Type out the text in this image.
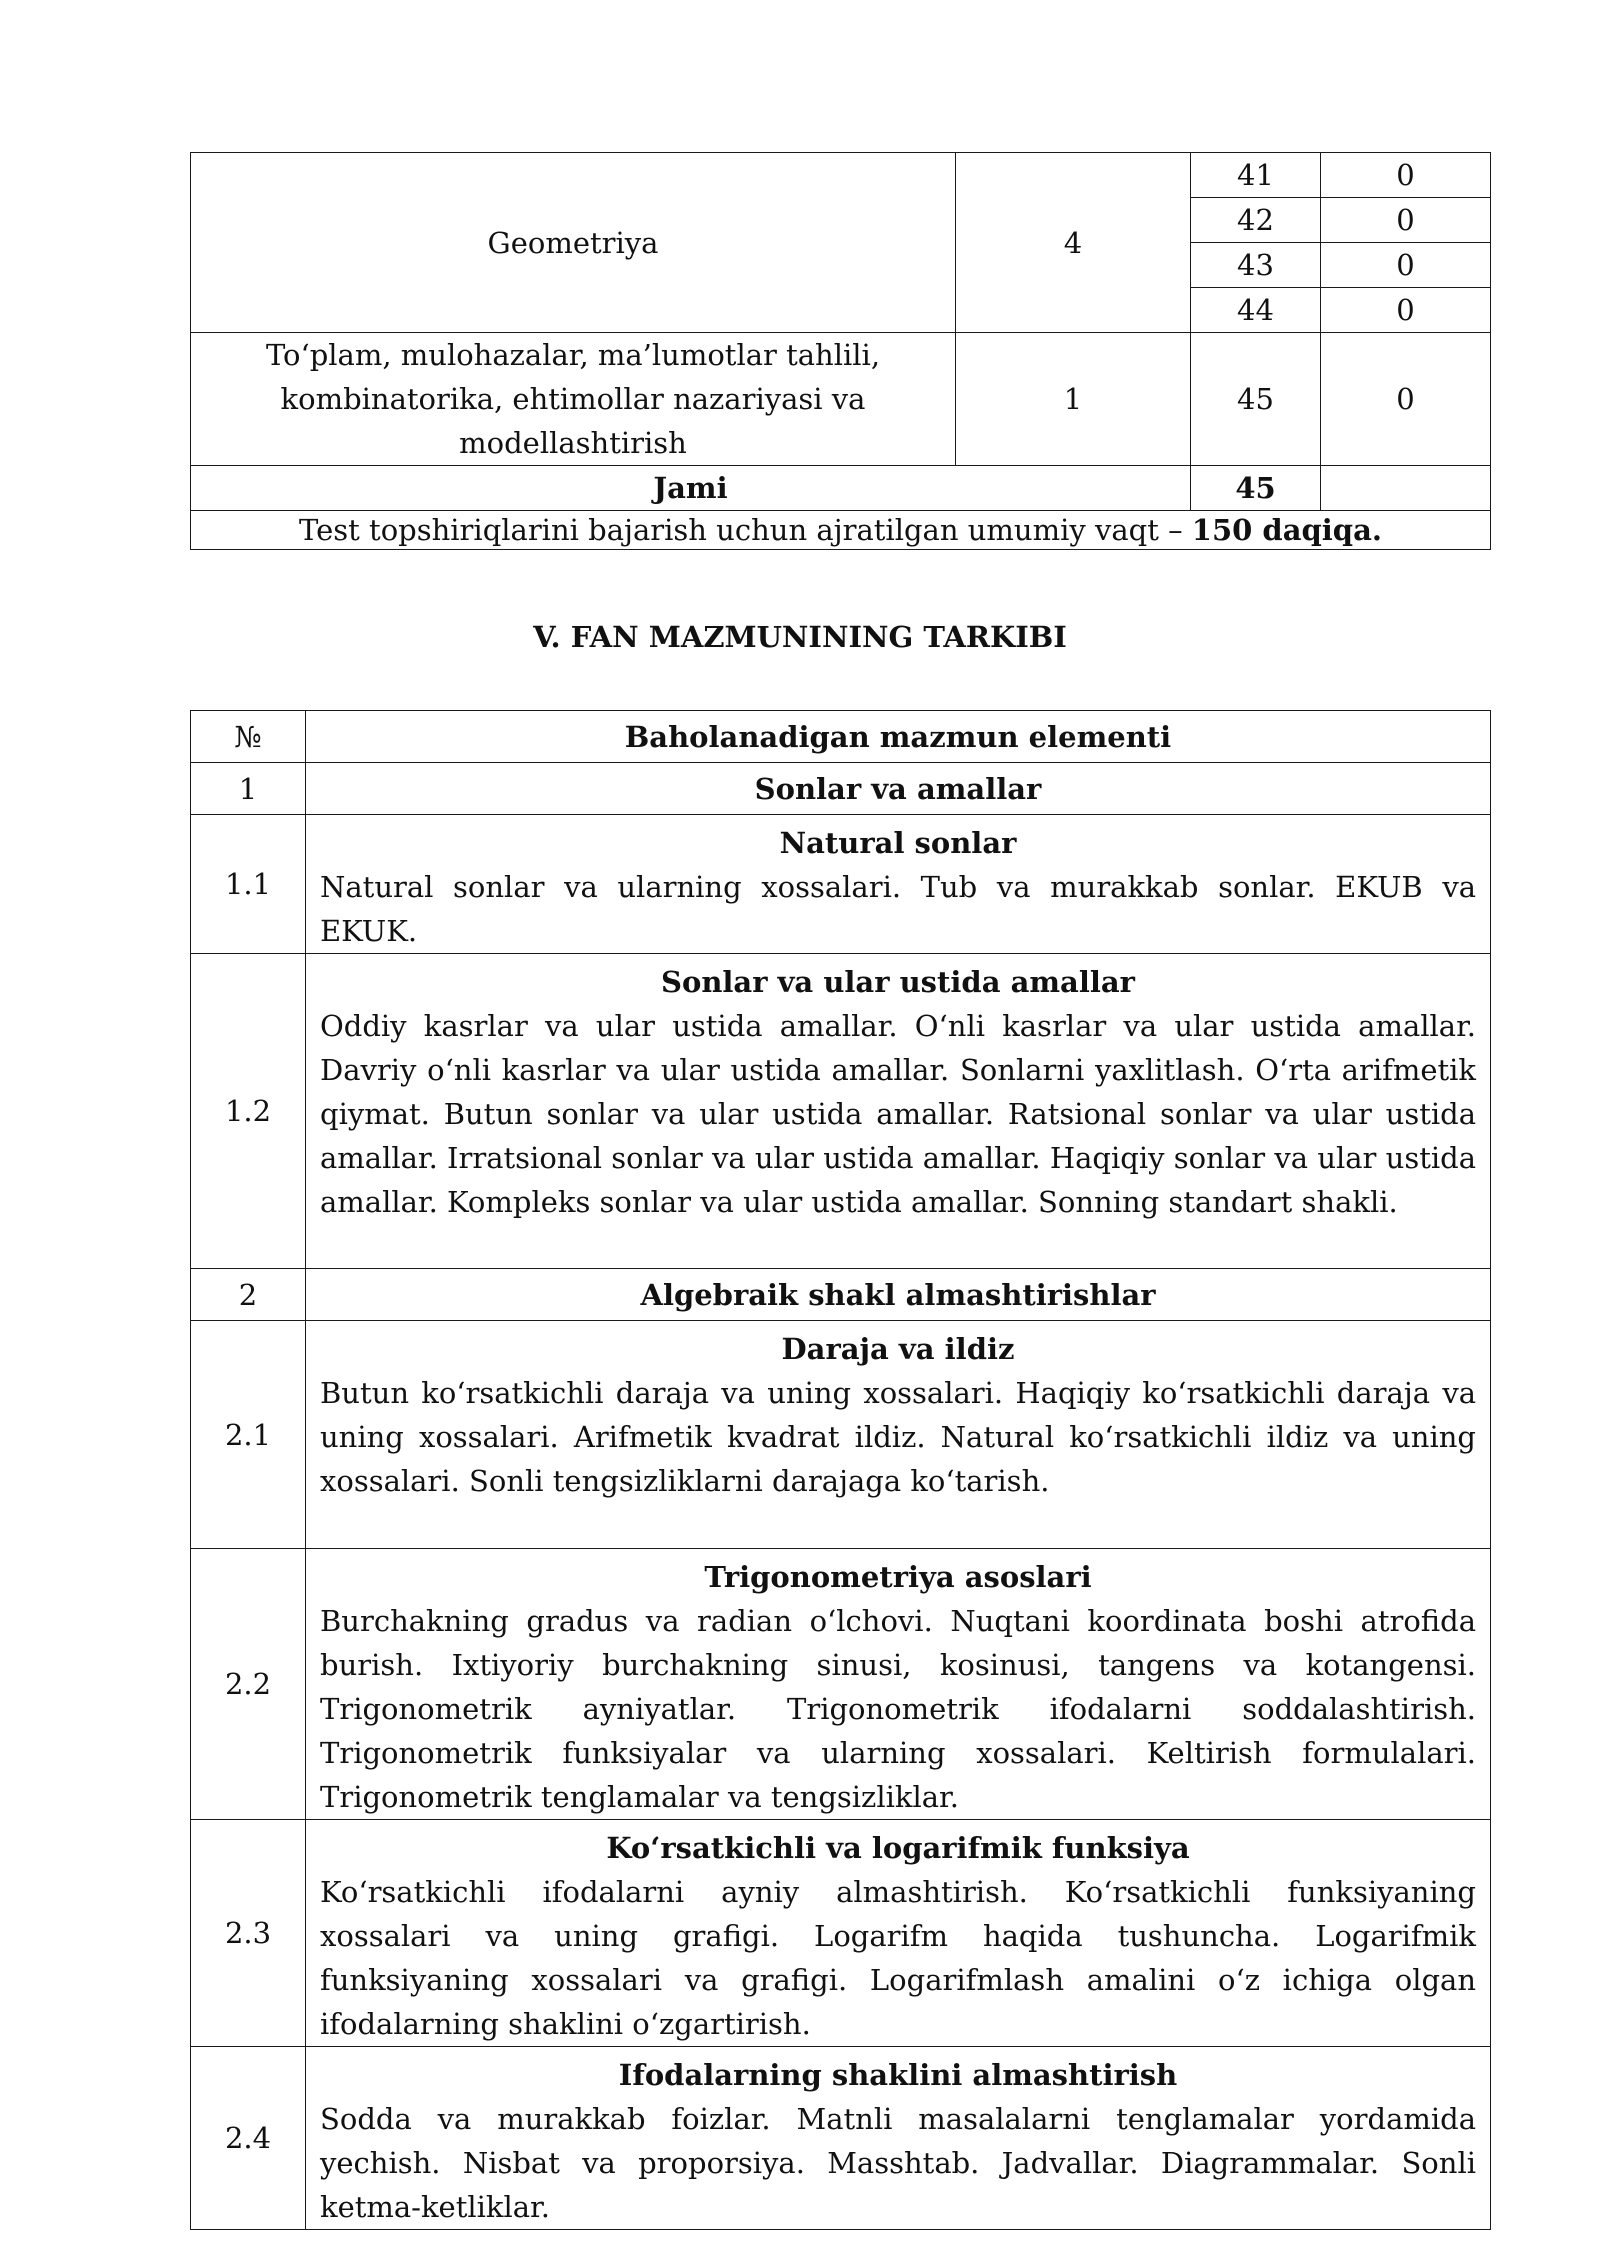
Geometriya	4	41	0
		42	0
		43	0
		44	0

To‘plam, mulohazalar, ma’lumotlar tahlili,
kombinatorika, ehtimollar nazariyasi va
modellashtirish	1	45	0
Jami		45	
Test topshiriqlarini bajarish uchun ajratilgan umumiy vaqt – 150 daqiqa.			
V. FAN MAZMUNINING TARKIBI
№	Baholanadigan mazmun elementi
1	Sonlar va amallar
1.1	Natural sonlar
Natural sonlar va ularning xossalari. Tub va murakkab sonlar. EKUB va EKUK.

1.2	Sonlar va ular ustida amallar
Oddiy kasrlar va ular ustida amallar. O‘nli kasrlar va ular ustida amallar. Davriy o‘nli kasrlar va ular ustida amallar. Sonlarni yaxlitlash. O‘rta arifmetik qiymat. Butun sonlar va ular ustida amallar. Ratsional sonlar va ular ustida amallar. Irratsional sonlar va ular ustida amallar. Haqiqiy sonlar va ular ustida amallar. Kompleks sonlar va ular ustida amallar. Sonning standart shakli.

2	Algebraik shakl almashtirishlar
2.1	Daraja va ildiz
Butun ko‘rsatkichli daraja va uning xossalari. Haqiqiy ko‘rsatkichli daraja va uning xossalari. Arifmetik kvadrat ildiz. Natural ko‘rsatkichli ildiz va uning xossalari. Sonli tengsizliklarni darajaga ko‘tarish.

2.2	Trigonometriya asoslari
Burchakning gradus va radian o‘lchovi. Nuqtani koordinata boshi atrofida burish. Ixtiyoriy burchakning sinusi, kosinusi, tangens va kotangensi. Trigonometrik ayniyatlar. Trigonometrik ifodalarni soddalashtirish. Trigonometrik funksiyalar va ularning xossalari. Keltirish formulalari. Trigonometrik tenglamalar va tengsizliklar.

2.3	Ko‘rsatkichli va logarifmik funksiya
Ko‘rsatkichli ifodalarni ayniy almashtirish. Ko‘rsatkichli funksiyaning xossalari va uning grafigi. Logarifm haqida tushuncha. Logarifmik funksiyaning xossalari va grafigi. Logarifmlash amalini o‘z ichiga olgan ifodalarning shaklini o‘zgartirish.

2.4	Ifodalarning shaklini almashtirish
Sodda va murakkab foizlar. Matnli masalalarni tenglamalar yordamida yechish. Nisbat va proporsiya. Masshtab. Jadvallar. Diagrammalar. Sonli ketma-ketliklar.
